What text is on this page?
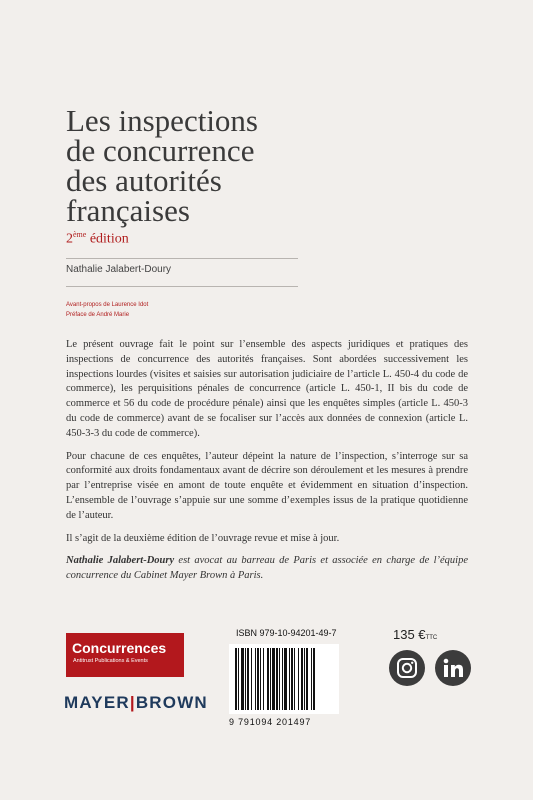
Les inspections
de concurrence
des autorités
françaises
2ème édition
Nathalie Jalabert-Doury
Avant-propos de Laurence Idot
Préface de André Marie

Le présent ouvrage fait le point sur l’ensemble des aspects juridiques et pratiques des inspections de concurrence des autorités françaises. Sont abordées successivement les inspections lourdes (visites et saisies sur autorisation judiciaire de l’article L. 450-4 du code de commerce), les perquisitions pénales de concurrence (article L. 450-1, II bis du code de commerce et 56 du code de procédure pénale) ainsi que les enquêtes simples (article L. 450-3 du code de commerce) avant de se focaliser sur l’accès aux données de connexion (article L. 450-3-3 du code de commerce).

Pour chacune de ces enquêtes, l’auteur dépeint la nature de l’inspection, s’interroge sur sa conformité aux droits fondamentaux avant de décrire son déroulement et les mesures à prendre par l’entreprise visée en amont de toute enquête et évidemment en situation d’inspection. L’ensemble de l’ouvrage s’appuie sur une somme d’exemples issus de la pratique quotidienne de l’auteur.

Il s’agit de la deuxième édition de l’ouvrage revue et mise à jour.

Nathalie Jalabert-Doury est avocat au barreau de Paris et associée en charge de l’équipe concurrence du Cabinet Mayer Brown à Paris.

Concurrences
Antitrust Publications & Events
MAYER|BROWN
ISBN 979-10-94201-49-7
9 791094 201497
135 €TTC
